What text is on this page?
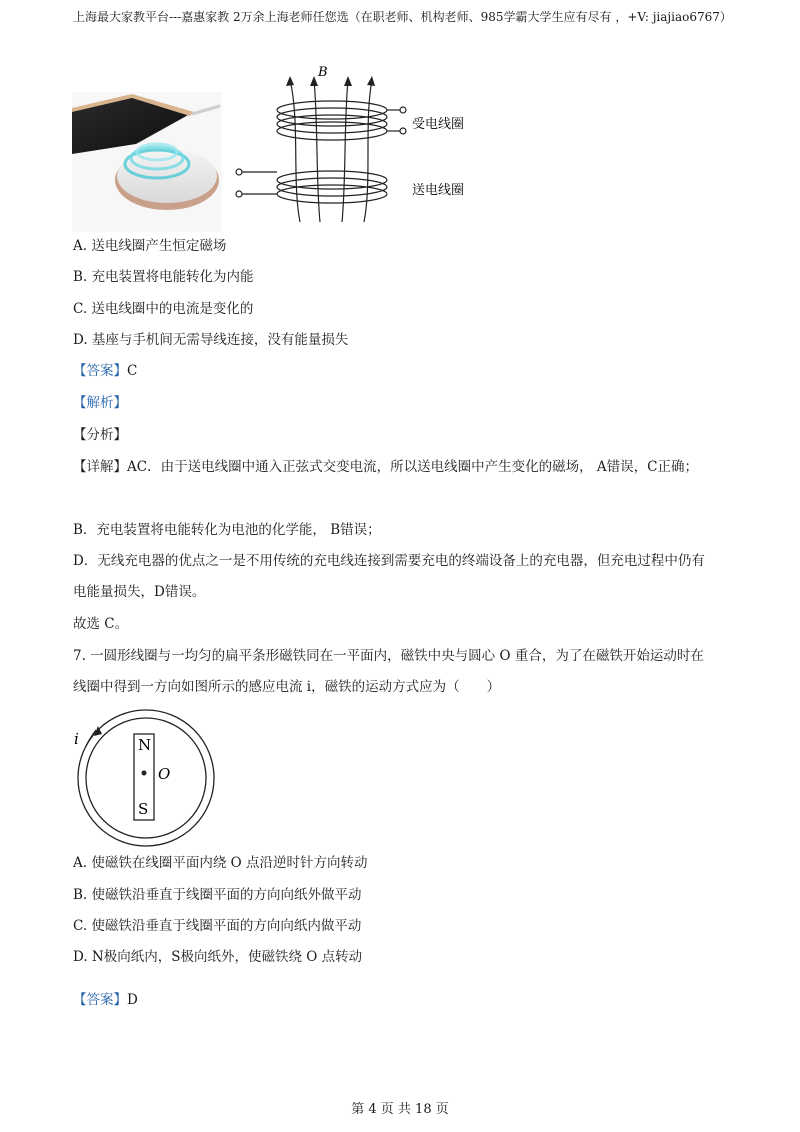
上海最大家教平台---嘉惠家教 2万余上海老师任您选（在职老师、机构老师、985学霸大学生应有尽有 ，+V: jiajiao6767）
B
受电线圈
送电线圈
A. 送电线圈产生恒定磁场
B. 充电装置将电能转化为内能
C. 送电线圈中的电流是变化的
D. 基座与手机间无需导线连接，没有能量损失
【答案】C
【解析】
【分析】
【详解】AC．由于送电线圈中通入正弦式交变电流，所以送电线圈中产生变化的磁场， A错误，C正确；
B．充电装置将电能转化为电池的化学能， B错误；
D．无线充电器的优点之一是不用传统的充电线连接到需要充电的终端设备上的充电器，但充电过程中仍有电能量损失，D错误。
故选 C。
7. 一圆形线圈与一均匀的扁平条形磁铁同在一平面内，磁铁中央与圆心 O 重合，为了在磁铁开始运动时在线圈中得到一方向如图所示的感应电流 i，磁铁的运动方式应为（　　）
i	N
S
O
A. 使磁铁在线圈平面内绕 O 点沿逆时针方向转动
B. 使磁铁沿垂直于线圈平面的方向向纸外做平动
C. 使磁铁沿垂直于线圈平面的方向向纸内做平动
D. N极向纸内，S极向纸外，使磁铁绕 O 点转动
【答案】D
第 4 页 共 18 页
